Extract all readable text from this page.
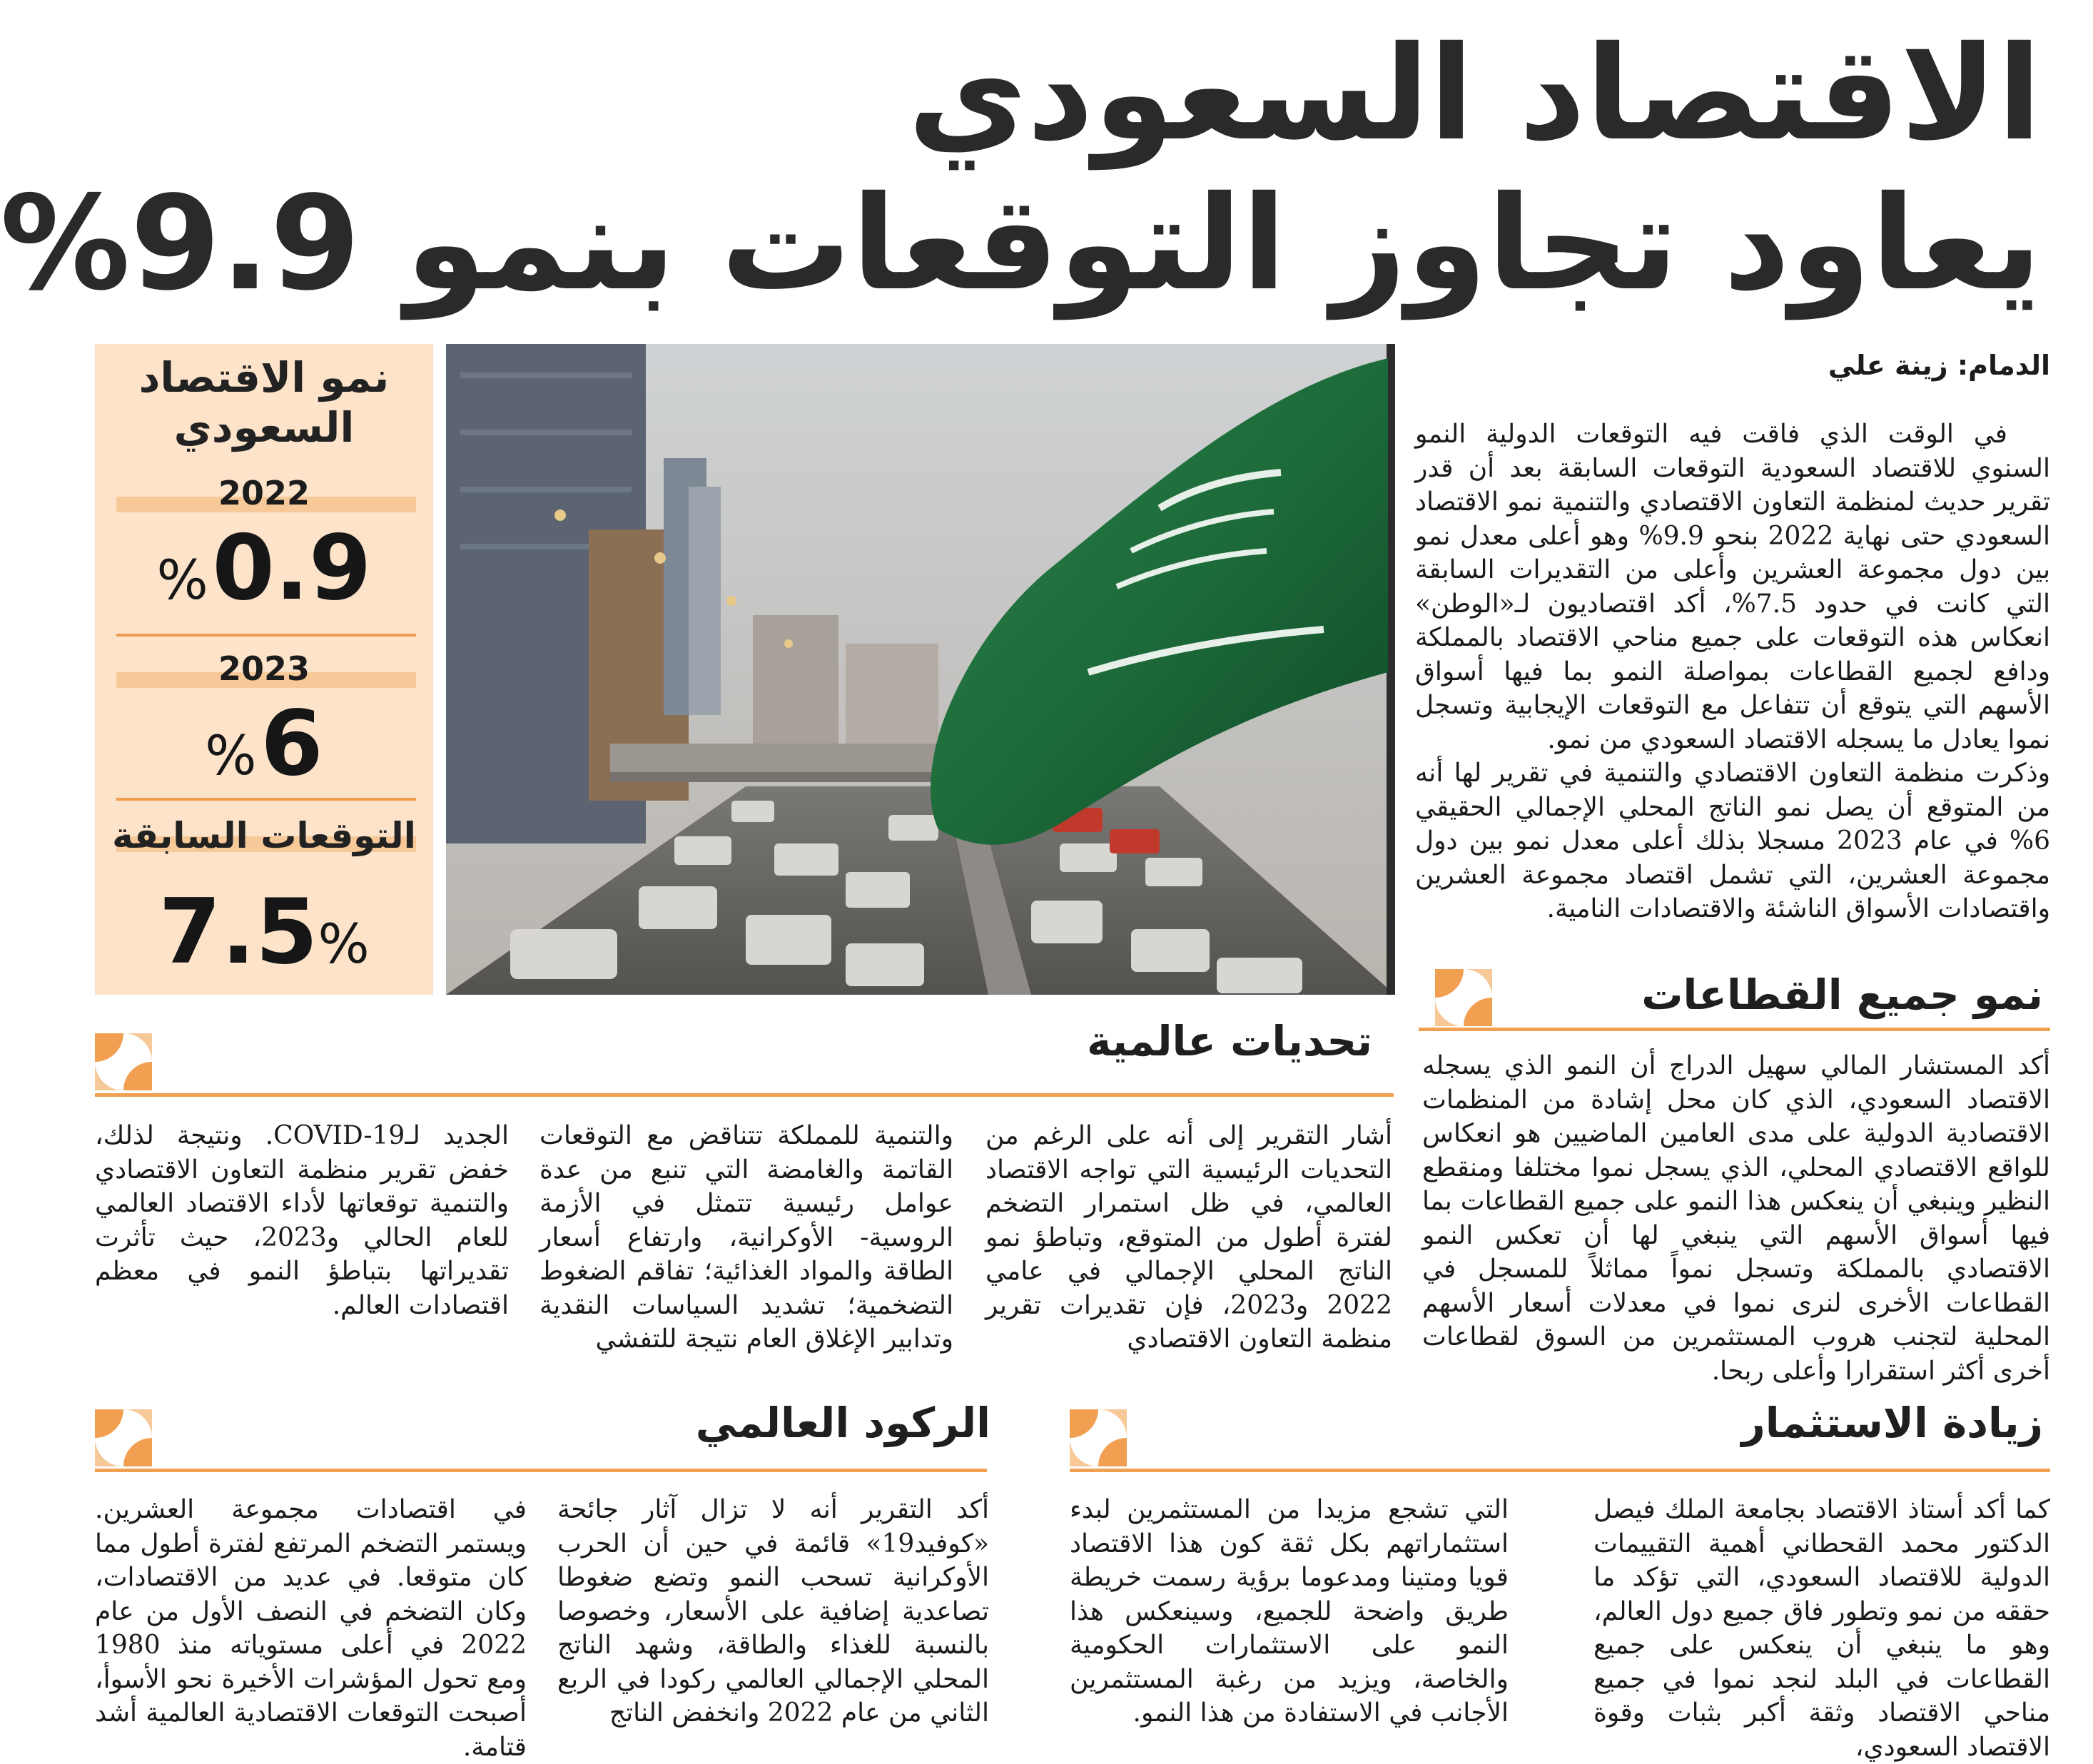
الاقتصاد السعودي
يعاود تجاوز التوقعات بنمو 9.9%
الدمام: زينة علي
في الوقت الذي فاقت فيه التوقعات الدولية النمو السنوي للاقتصاد السعودية التوقعات السابقة بعد أن قدر تقرير حديث لمنظمة التعاون الاقتصادي والتنمية نمو الاقتصاد السعودي حتى نهاية 2022 بنحو 9.9% وهو أعلى معدل نمو بين دول مجموعة العشرين وأعلى من التقديرات السابقة التي كانت في حدود 7.5%، أكد اقتصاديون لـ«الوطن» انعكاس هذه التوقعات على جميع مناحي الاقتصاد بالمملكة ودافع لجميع القطاعات بمواصلة النمو بما فيها أسواق الأسهم التي يتوقع أن تتفاعل مع التوقعات الإيجابية وتسجل نموا يعادل ما يسجله الاقتصاد السعودي من نمو.
وذكرت منظمة التعاون الاقتصادي والتنمية في تقرير لها أنه من المتوقع أن يصل نمو الناتج المحلي الإجمالي الحقيقي 6% في عام 2023 مسجلا بذلك أعلى معدل نمو بين دول مجموعة العشرين، التي تشمل اقتصاد مجموعة العشرين واقتصادات الأسواق الناشئة والاقتصادات النامية.
نمو الاقتصاد
السعودي
2022
0.9 %
2023
6 %
التوقعات السابقة
7.5%
نمو جميع القطاعات
أكد المستشار المالي سهيل الدراج أن النمو الذي يسجله الاقتصاد السعودي، الذي كان محل إشادة من المنظمات الاقتصادية الدولية على مدى العامين الماضيين هو انعكاس للواقع الاقتصادي المحلي، الذي يسجل نموا مختلفا ومنقطع النظير وينبغي أن ينعكس هذا النمو على جميع القطاعات بما فيها أسواق الأسهم التي ينبغي لها أن تعكس النمو الاقتصادي بالمملكة وتسجل نمواً مماثلاً للمسجل في القطاعات الأخرى لنرى نموا في معدلات أسعار الأسهم المحلية لتجنب هروب المستثمرين من السوق لقطاعات أخرى أكثر استقرارا وأعلى ربحا.
تحديات عالمية
أشار التقرير إلى أنه على الرغم من التحديات الرئيسية التي تواجه الاقتصاد العالمي، في ظل استمرار التضخم لفترة أطول من المتوقع، وتباطؤ نمو الناتج المحلي الإجمالي في عامي 2022 و2023، فإن تقديرات تقرير منظمة التعاون الاقتصادي
والتنمية للمملكة تتناقض مع التوقعات القاتمة والغامضة التي تنبع من عدة عوامل رئيسية تتمثل في الأزمة الروسية- الأوكرانية، وارتفاع أسعار الطاقة والمواد الغذائية؛ تفاقم الضغوط التضخمية؛ تشديد السياسات النقدية وتدابير الإغلاق العام نتيجة للتفشي
الجديد لـCOVID-19. ونتيجة لذلك، خفض تقرير منظمة التعاون الاقتصادي والتنمية توقعاتها لأداء الاقتصاد العالمي للعام الحالي و2023، حيث تأثرت تقديراتها بتباطؤ النمو في معظم اقتصادات العالم.
زيادة الاستثمار
كما أكد أستاذ الاقتصاد بجامعة الملك فيصل الدكتور محمد القحطاني أهمية التقييمات الدولية للاقتصاد السعودي، التي تؤكد ما حققه من نمو وتطور فاق جميع دول العالم، وهو ما ينبغي أن ينعكس على جميع القطاعات في البلد لنجد نموا في جميع مناحي الاقتصاد وثقة أكبر بثبات وقوة الاقتصاد السعودي،
التي تشجع مزيدا من المستثمرين لبدء استثماراتهم بكل ثقة كون هذا الاقتصاد قويا ومتينا ومدعوما برؤية رسمت خريطة طريق واضحة للجميع، وسينعكس هذا النمو على الاستثمارات الحكومية والخاصة، ويزيد من رغبة المستثمرين الأجانب في الاستفادة من هذا النمو.
الركود العالمي
أكد التقرير أنه لا تزال آثار جائحة «كوفيد19» قائمة في حين أن الحرب الأوكرانية تسحب النمو وتضع ضغوطا تصاعدية إضافية على الأسعار، وخصوصا بالنسبة للغذاء والطاقة، وشهد الناتج المحلي الإجمالي العالمي ركودا في الربع الثاني من عام 2022 وانخفض الناتج
في اقتصادات مجموعة العشرين. ويستمر التضخم المرتفع لفترة أطول مما كان متوقعا. في عديد من الاقتصادات، وكان التضخم في النصف الأول من عام 2022 في أعلى مستوياته منذ 1980 ومع تحول المؤشرات الأخيرة نحو الأسوأ، أصبحت التوقعات الاقتصادية العالمية أشد قتامة.
